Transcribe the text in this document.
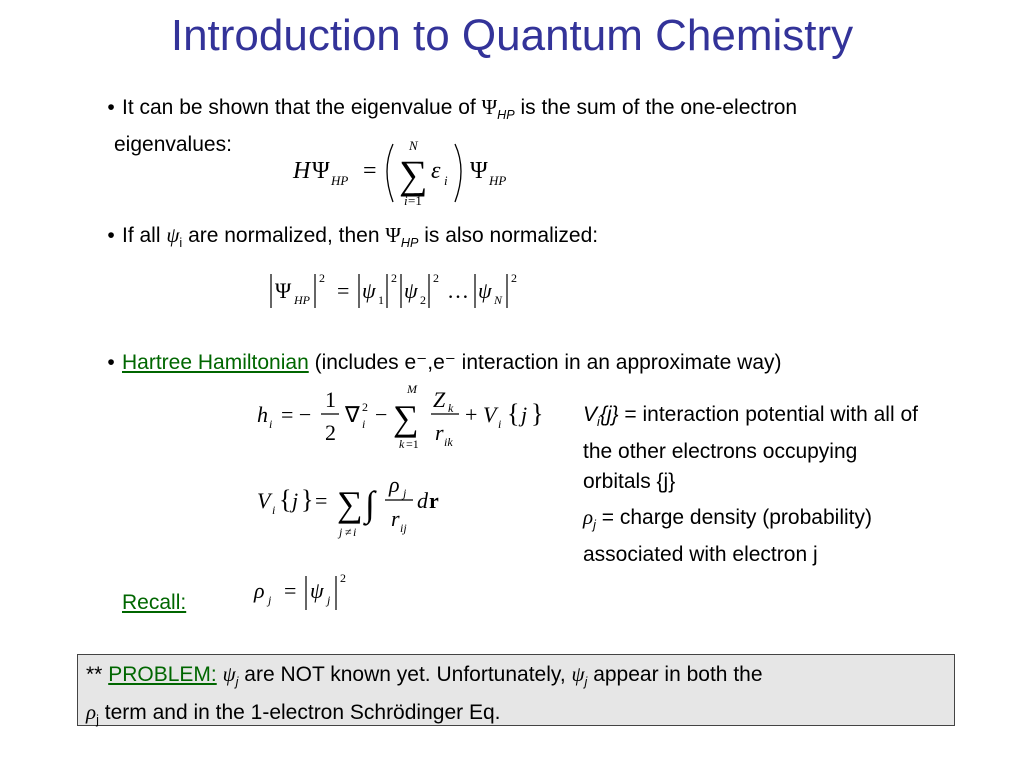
Introduction to Quantum Chemistry
• It can be shown that the eigenvalue of $\Psi_{HP}$ is the sum of the one-electron
eigenvalues:
H Ψ HP = ∑
N
i =1
ε i Ψ HP
• If all $\psi_i$ are normalized, then $\Psi_{HP}$ is also normalized:
Ψ HP
2 = ψ 1
2 ψ 2
2 … ψ N
2
• Hartree Hamiltonian (includes e⁻,e⁻ interaction in an approximate way)
h i = −
1
2
∇ 2
i − ∑
M
k =1
Z k
r ik
+ V i { j }
V i { j } = ∑
j ≠ i
∫ ρ j
r ij
d r
$V_i\{j\}$ = interaction potential with all of
the other electrons occupying
orbitals {j}
$\rho_j$ = charge density (probability)
associated with electron j
Recall:	ρ j = ψ j
2
** PROBLEM: $\psi_j$ are NOT known yet. Unfortunately, $\psi_j$ appear in both the
$\rho_j$ term and in the 1-electron Schrödinger Eq.
